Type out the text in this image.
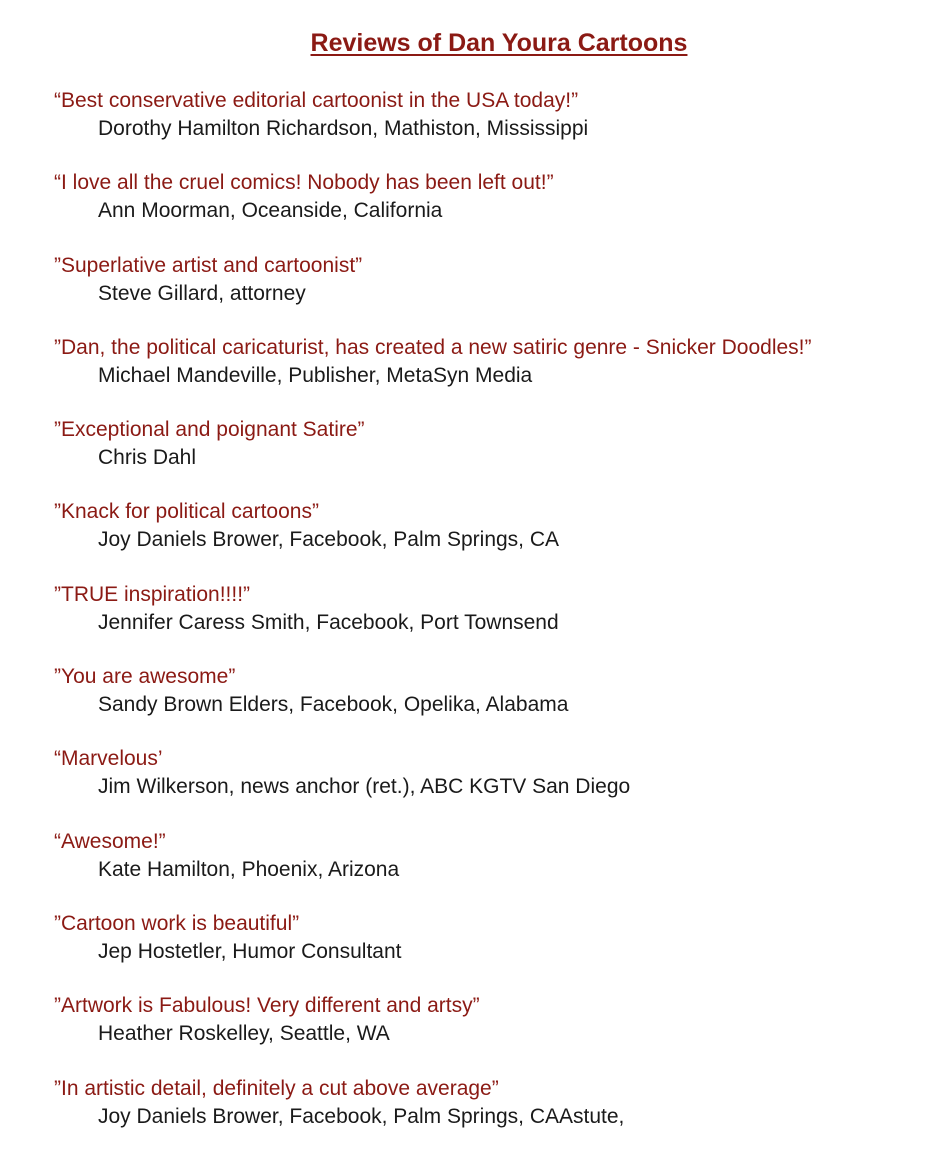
Reviews of Dan Youra Cartoons
“Best conservative editorial cartoonist in the USA today!”
Dorothy Hamilton Richardson, Mathiston, Mississippi
“I love all the cruel comics! Nobody has been left out!”
Ann Moorman, Oceanside, California
”Superlative artist and cartoonist”
Steve Gillard, attorney
”Dan, the political caricaturist, has created a new satiric genre - Snicker Doodles!”
Michael Mandeville, Publisher, MetaSyn Media
”Exceptional and poignant Satire”
Chris Dahl
”Knack for political cartoons”
Joy Daniels Brower, Facebook, Palm Springs, CA
”TRUE inspiration!!!!”
Jennifer Caress Smith, Facebook, Port Townsend
”You are awesome”
Sandy Brown Elders, Facebook, Opelika, Alabama
“Marvelous’
Jim Wilkerson, news anchor (ret.), ABC KGTV San Diego
“Awesome!”
Kate Hamilton, Phoenix, Arizona
”Cartoon work is beautiful”
Jep Hostetler, Humor Consultant
”Artwork is Fabulous! Very different and artsy”
Heather Roskelley, Seattle, WA
”In artistic detail, definitely a cut above average”
Joy Daniels Brower, Facebook, Palm Springs, CAAstute,
